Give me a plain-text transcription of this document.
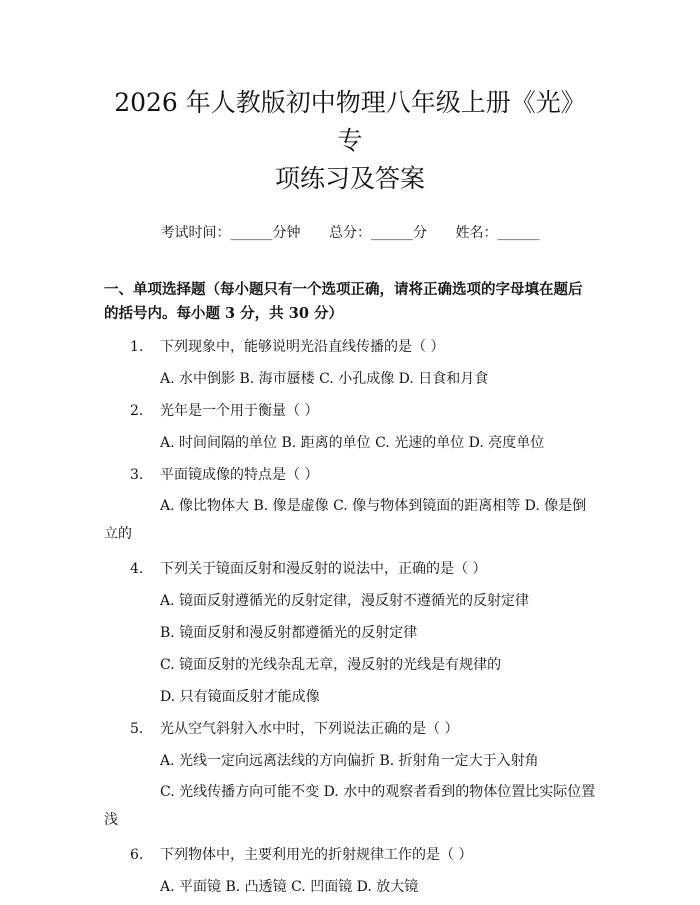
2026 年人教版初中物理八年级上册《光》专
项练习及答案
考试时间：______分钟 总分：______分 姓名：______
一、单项选择题（每小题只有一个选项正确，请将正确选项的字母填在题后的括号内。每小题 3 分，共 30 分）
1.	下列现象中，能够说明光沿直线传播的是（ ）
A. 水中倒影 B. 海市蜃楼 C. 小孔成像 D. 日食和月食
2.	光年是一个用于衡量（ ）
A. 时间间隔的单位 B. 距离的单位 C. 光速的单位 D. 亮度单位
3.	平面镜成像的特点是（ ）
A. 像比物体大 B. 像是虚像 C. 像与物体到镜面的距离相等 D. 像是倒立的
4.	下列关于镜面反射和漫反射的说法中，正确的是（ ）
A. 镜面反射遵循光的反射定律，漫反射不遵循光的反射定律
B. 镜面反射和漫反射都遵循光的反射定律
C. 镜面反射的光线杂乱无章，漫反射的光线是有规律的
D. 只有镜面反射才能成像
5.	光从空气斜射入水中时，下列说法正确的是（ ）
A. 光线一定向远离法线的方向偏折 B. 折射角一定大于入射角
C. 光线传播方向可能不变 D. 水中的观察者看到的物体位置比实际位置浅
6.	下列物体中，主要利用光的折射规律工作的是（ ）
A. 平面镜 B. 凸透镜 C. 凹面镜 D. 放大镜
